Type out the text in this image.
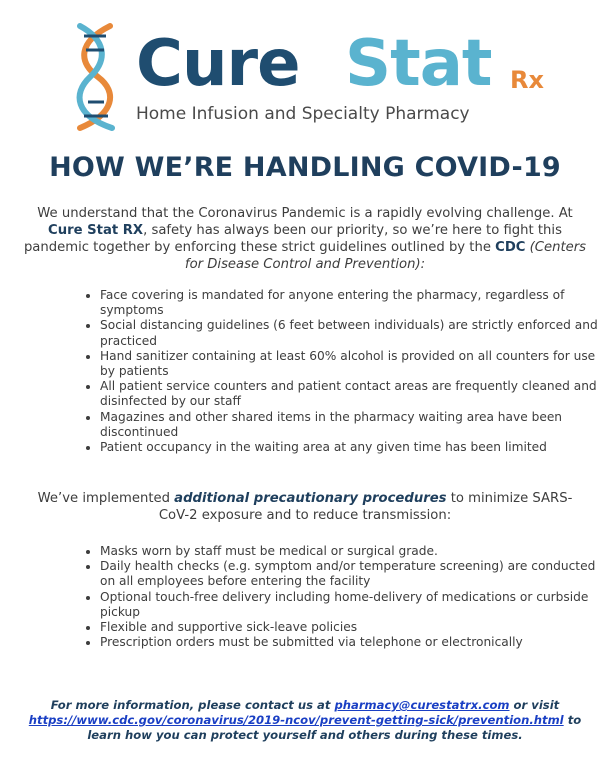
Cure Stat Rx
Home Infusion and Specialty Pharmacy
HOW WE’RE HANDLING COVID-19
We understand that the Coronavirus Pandemic is a rapidly evolving challenge. At Cure Stat RX, safety has always been our priority, so we’re here to fight this pandemic together by enforcing these strict guidelines outlined by the CDC (Centers for Disease Control and Prevention):
• Face covering is mandated for anyone entering the pharmacy, regardless of symptoms
• Social distancing guidelines (6 feet between individuals) are strictly enforced and practiced
• Hand sanitizer containing at least 60% alcohol is provided on all counters for use by patients
• All patient service counters and patient contact areas are frequently cleaned and disinfected by our staff
• Magazines and other shared items in the pharmacy waiting area have been discontinued
• Patient occupancy in the waiting area at any given time has been limited
We’ve implemented additional precautionary procedures to minimize SARS-CoV-2 exposure and to reduce transmission:
• Masks worn by staff must be medical or surgical grade.
• Daily health checks (e.g. symptom and/or temperature screening) are conducted on all employees before entering the facility
• Optional touch-free delivery including home-delivery of medications or curbside pickup
• Flexible and supportive sick-leave policies
• Prescription orders must be submitted via telephone or electronically
For more information, please contact us at pharmacy@curestatrx.com or visit https://www.cdc.gov/coronavirus/2019-ncov/prevent-getting-sick/prevention.html to learn how you can protect yourself and others during these times.
